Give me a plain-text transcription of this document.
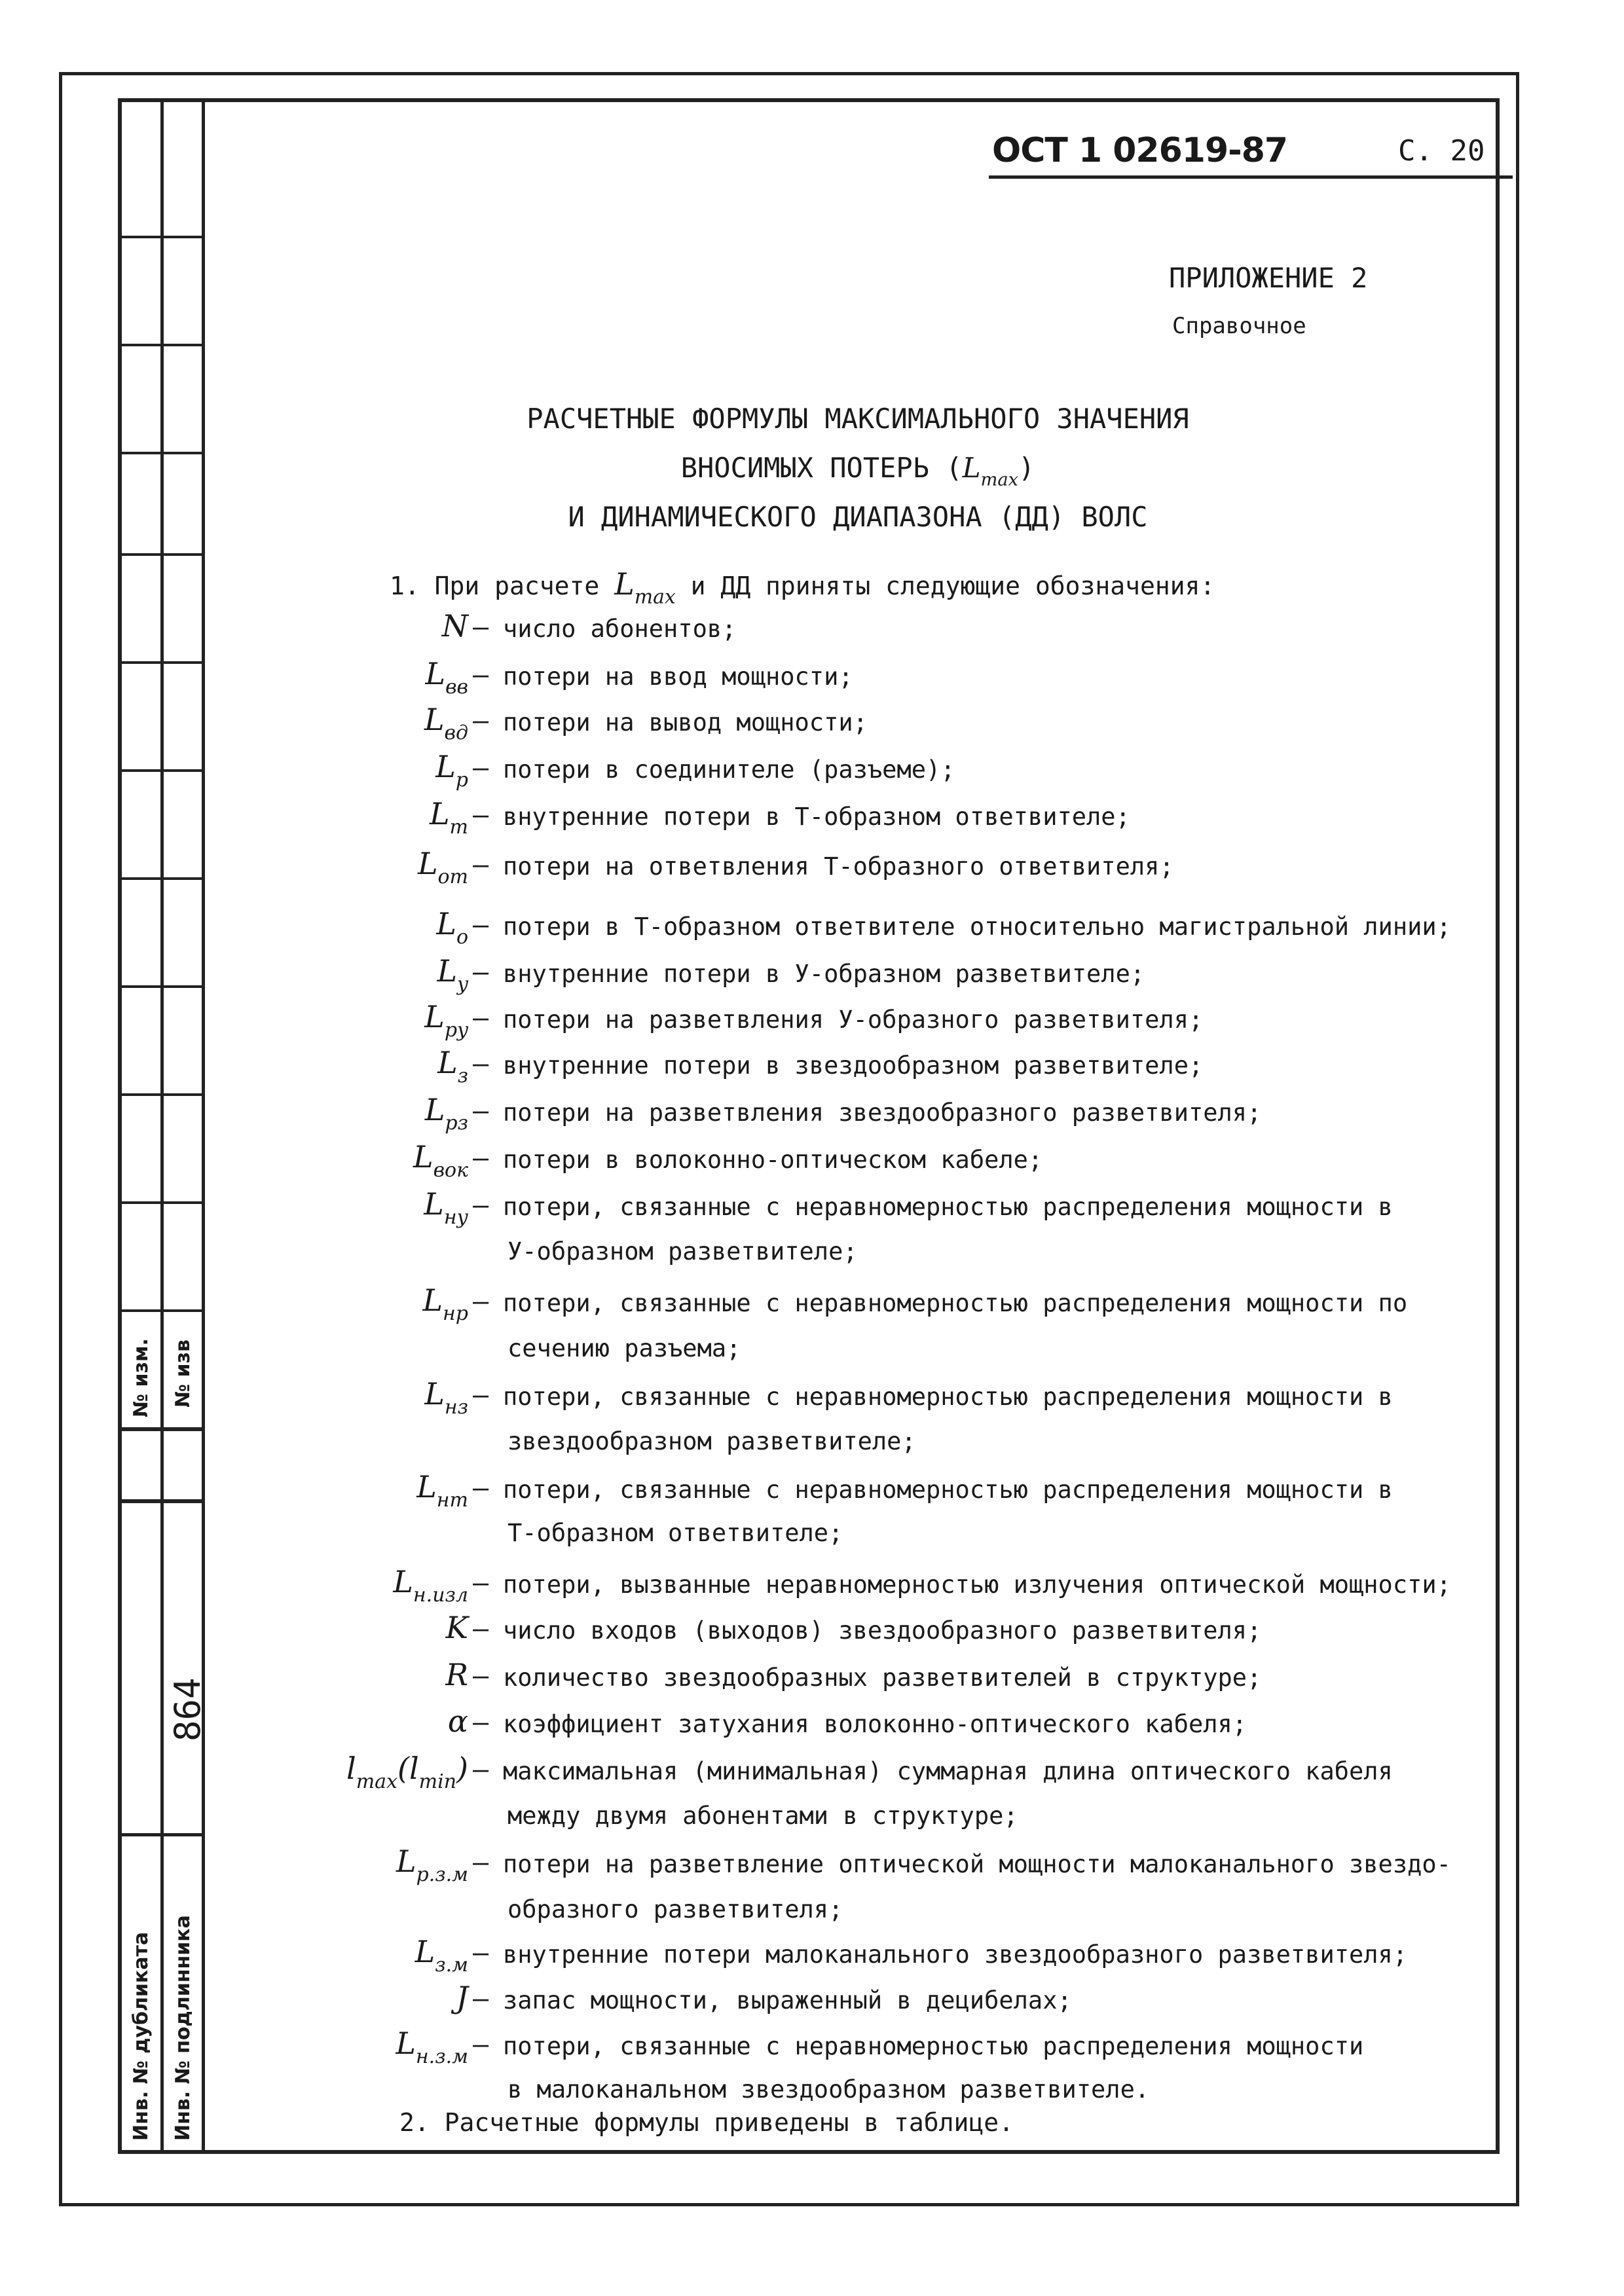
№ изм. № изв
864
Инв. № дубликата Инв. № подлинника
ОСТ 1 02619-87	С. 20
ПРИЛОЖЕНИЕ 2
Справочное
РАСЧЕТНЫЕ ФОРМУЛЫ МАКСИМАЛЬНОГО ЗНАЧЕНИЯ
ВНОСИМЫХ ПОТЕРЬ $(L_{max})$
И ДИНАМИЧЕСКОГО ДИАПАЗОНА (ДД) ВОЛС
1. При расчете $L_{max}$ и ДД приняты следующие обозначения:
N – число абонентов;
$L_{вв}$ – потери на ввод мощности;
$L_{вд}$ – потери на вывод мощности;
$L_p$ – потери в соединителе (разъеме);
$L_m$ – внутренние потери в Т-образном ответвителе;
$L_{om}$ – потери на ответвления Т-образного ответвителя;
$L_o$ – потери в Т-образном ответвителе относительно магистральной линии;
$L_y$ – внутренние потери в У-образном разветвителе;
$L_{py}$ – потери на разветвления У-образного разветвителя;
$L_з$ – внутренние потери в звездообразном разветвителе;
$L_{pз}$ – потери на разветвления звездообразного разветвителя;
$L_{вок}$ – потери в волоконно-оптическом кабеле;
$L_{ну}$ – потери, связанные с неравномерностью распределения мощности в
У-образном разветвителе;
$L_{нр}$ – потери, связанные с неравномерностью распределения мощности по
сечению разъема;
$L_{нз}$ – потери, связанные с неравномерностью распределения мощности в
звездообразном разветвителе;
$L_{нт}$ – потери, связанные с неравномерностью распределения мощности в
Т-образном ответвителе;
$L_{н.изл}$ – потери, вызванные неравномерностью излучения оптической мощности;
K – число входов (выходов) звездообразного разветвителя;
R – количество звездообразных разветвителей в структуре;
α – коэффициент затухания волоконно-оптического кабеля;
$l_{max}(l_{min})$ – максимальная (минимальная) суммарная длина оптического кабеля
между двумя абонентами в структуре;
$L_{p.з.м}$ – потери на разветвление оптической мощности малоканального звездо-
образного разветвителя;
$L_{з.м}$ – внутренние потери малоканального звездообразного разветвителя;
J – запас мощности, выраженный в децибелах;
$L_{н.з.м}$ – потери, связанные с неравномерностью распределения мощности
в малоканальном звездообразном разветвителе.
2. Расчетные формулы приведены в таблице.
